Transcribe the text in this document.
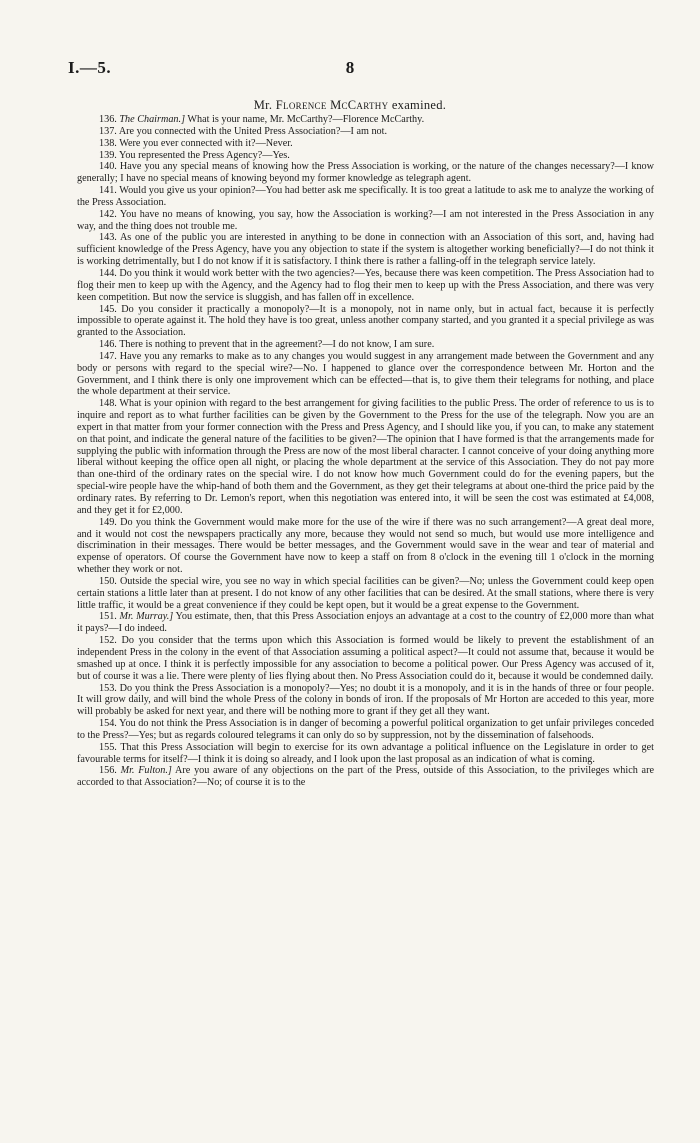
I.—5.	8
Mr. Florence McCarthy examined.

136. The Chairman.] What is your name, Mr. McCarthy?—Florence McCarthy.

137. Are you connected with the United Press Association?—I am not.

138. Were you ever connected with it?—Never.

139. You represented the Press Agency?—Yes.

140. Have you any special means of knowing how the Press Association is working, or the nature of the changes necessary?—I know generally; I have no special means of knowing beyond my former knowledge as telegraph agent.

141. Would you give us your opinion?—You had better ask me specifically. It is too great a latitude to ask me to analyze the working of the Press Association.

142. You have no means of knowing, you say, how the Association is working?—I am not interested in the Press Association in any way, and the thing does not trouble me.

143. As one of the public you are interested in anything to be done in connection with an Association of this sort, and, having had sufficient knowledge of the Press Agency, have you any objection to state if the system is altogether working beneficially?—I do not think it is working detrimentally, but I do not know if it is satisfactory. I think there is rather a falling-off in the telegraph service lately.

144. Do you think it would work better with the two agencies?—Yes, because there was keen competition. The Press Association had to flog their men to keep up with the Agency, and the Agency had to flog their men to keep up with the Press Association, and there was very keen competition. But now the service is sluggish, and has fallen off in excellence.

145. Do you consider it practically a monopoly?—It is a monopoly, not in name only, but in actual fact, because it is perfectly impossible to operate against it. The hold they have is too great, unless another company started, and you granted it a special privilege as was granted to the Association.

146. There is nothing to prevent that in the agreement?—I do not know, I am sure.

147. Have you any remarks to make as to any changes you would suggest in any arrangement made between the Government and any body or persons with regard to the special wire?—No. I happened to glance over the correspondence between Mr. Horton and the Government, and I think there is only one improvement which can be effected—that is, to give them their telegrams for nothing, and place the whole department at their service.

148. What is your opinion with regard to the best arrangement for giving facilities to the public Press. The order of reference to us is to inquire and report as to what further facilities can be given by the Government to the Press for the use of the telegraph. Now you are an expert in that matter from your former connection with the Press and Press Agency, and I should like you, if you can, to make any statement on that point, and indicate the general nature of the facilities to be given?—The opinion that I have formed is that the arrangements made for supplying the public with information through the Press are now of the most liberal character. I cannot conceive of your doing anything more liberal without keeping the office open all night, or placing the whole department at the service of this Association. They do not pay more than one-third of the ordinary rates on the special wire. I do not know how much Government could do for the evening papers, but the special-wire people have the whip-hand of both them and the Government, as they get their telegrams at about one-third the price paid by the ordinary rates. By referring to Dr. Lemon's report, when this negotiation was entered into, it will be seen the cost was estimated at £4,008, and they get it for £2,000.

149. Do you think the Government would make more for the use of the wire if there was no such arrangement?—A great deal more, and it would not cost the newspapers practically any more, because they would not send so much, but would use more intelligence and discrimination in their messages. There would be better messages, and the Government would save in the wear and tear of material and expense of operators. Of course the Government have now to keep a staff on from 8 o'clock in the evening till 1 o'clock in the morning whether they work or not.

150. Outside the special wire, you see no way in which special facilities can be given?—No; unless the Government could keep open certain stations a little later than at present. I do not know of any other facilities that can be desired. At the small stations, where there is very little traffic, it would be a great convenience if they could be kept open, but it would be a great expense to the Government.

151. Mr. Murray.] You estimate, then, that this Press Association enjoys an advantage at a cost to the country of £2,000 more than what it pays?—I do indeed.

152. Do you consider that the terms upon which this Association is formed would be likely to prevent the establishment of an independent Press in the colony in the event of that Association assuming a political aspect?—It could not assume that, because it would be smashed up at once. I think it is perfectly impossible for any association to become a political power. Our Press Agency was accused of it, but of course it was a lie. There were plenty of lies flying about then. No Press Association could do it, because it would be condemned daily.

153. Do you think the Press Association is a monopoly?—Yes; no doubt it is a monopoly, and it is in the hands of three or four people. It will grow daily, and will bind the whole Press of the colony in bonds of iron. If the proposals of Mr Horton are acceded to this year, more will probably be asked for next year, and there will be nothing more to grant if they get all they want.

154. You do not think the Press Association is in danger of becoming a powerful political organization to get unfair privileges conceded to the Press?—Yes; but as regards coloured telegrams it can only do so by suppression, not by the dissemination of falsehoods.

155. That this Press Association will begin to exercise for its own advantage a political influence on the Legislature in order to get favourable terms for itself?—I think it is doing so already, and I look upon the last proposal as an indication of what is coming.

156. Mr. Fulton.] Are you aware of any objections on the part of the Press, outside of this Association, to the privileges which are accorded to that Association?—No; of course it is to the
